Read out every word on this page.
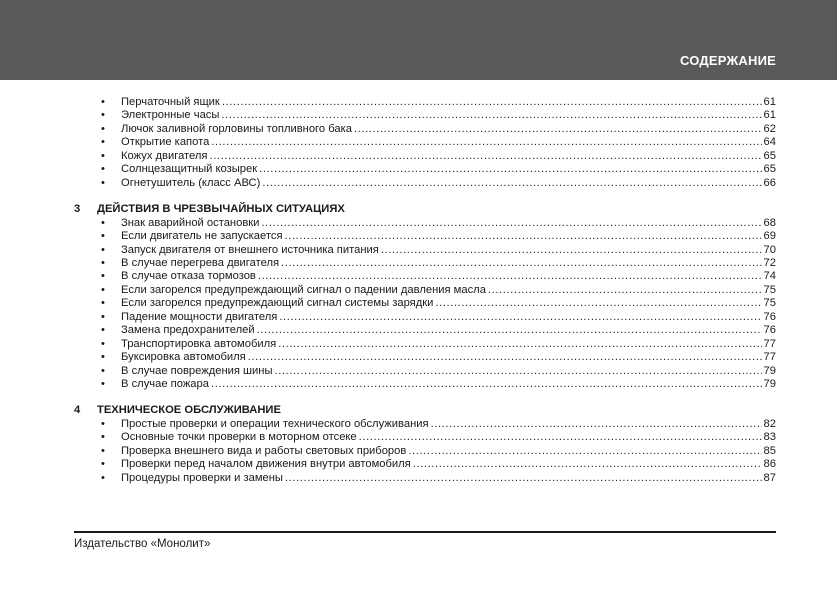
СОДЕРЖАНИЕ
• Перчаточный ящик .....	61
• Электронные часы .....	61
• Лючок заливной горловины топливного бака .....	62
• Открытие капота .....	64
• Кожух двигателя .....	65
• Солнцезащитный козырек .....	65
• Огнетушитель (класс АВС) .....	66
3 ДЕЙСТВИЯ В ЧРЕЗВЫЧАЙНЫХ СИТУАЦИЯХ
• Знак аварийной остановки .....	68
• Если двигатель не запускается .....	69
• Запуск двигателя от внешнего источника питания .....	70
• В случае перегрева двигателя .....	72
• В случае отказа тормозов .....	74
• Если загорелся предупреждающий сигнал о падении давления масла .....	75
• Если загорелся предупреждающий сигнал системы зарядки .....	75
• Падение мощности двигателя .....	76
• Замена предохранителей .....	76
• Транспортировка автомобиля .....	77
• Буксировка автомобиля .....	77
• В случае повреждения шины .....	79
• В случае пожара .....	79
4 ТЕХНИЧЕСКОЕ ОБСЛУЖИВАНИЕ
• Простые проверки и операции технического обслуживания .....	82
• Основные точки проверки в моторном отсеке .....	83
• Проверка внешнего вида и работы световых приборов .....	85
• Проверки перед началом движения внутри автомобиля .....	86
• Процедуры проверки и замены .....	87
Издательство «Монолит»
